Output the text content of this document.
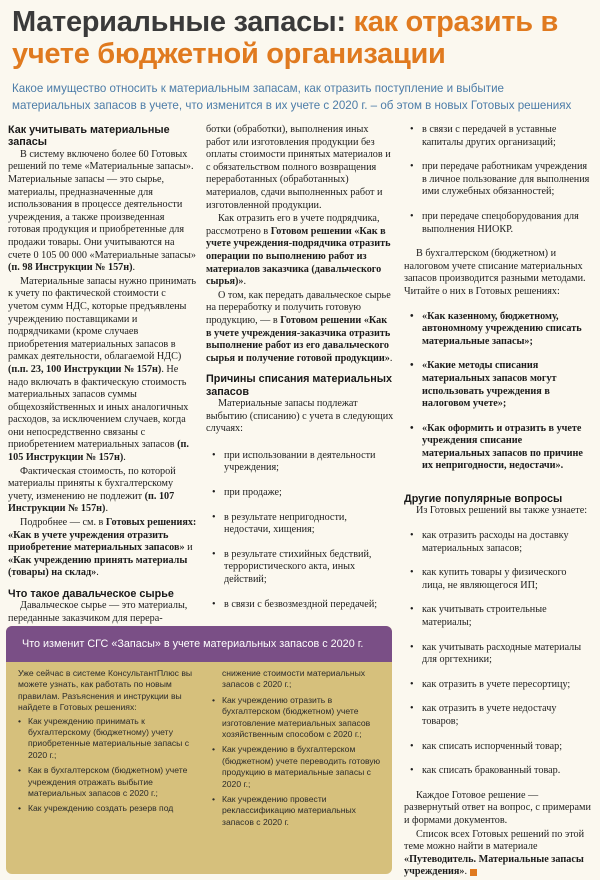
Материальные запасы: как отразить в учете бюджетной организации
Какое имущество относить к материальным запасам, как отразить поступление и выбытие материальных запасов в учете, что изменится в их учете с 2020 г. – об этом в новых Готовых решениях
Как учитывать материальные запасы

В систему включено более 60 Готовых решений по теме «Материальные запасы». Материальные запасы — это сырье, материалы, предназначенные для использования в процессе деятельности учреждения, а также произведенная готовая продукция и приобретенные для продажи товары. Они учитываются на счете 0 105 00 000 «Материальные запасы» (п. 98 Инструкции № 157н).

Материальные запасы нужно принимать к учету по фактической стоимости с учетом сумм НДС, которые предъявлены учреждению поставщиками и подрядчиками (кроме случаев приобретения материальных запасов в рамках деятельности, облагаемой НДС) (п.п. 23, 100 Инструкции № 157н). Не надо включать в фактическую стоимость материальных запасов суммы общехозяйственных и иных аналогичных расходов, за исключением случаев, когда они непосредственно связаны с приобретением материальных запасов (п. 105 Инструкции № 157н).

Фактическая стоимость, по которой материалы приняты к бухгалтерскому учету, изменению не подлежит (п. 107 Инструкции № 157н).

Подробнее — см. в Готовых решениях: «Как в учете учреждения отразить приобретение материальных запасов» и «Как учреждению принять материалы (товары) на склад».

Что такое давальческое сырье

Давальческое сырье — это материалы, переданные заказчиком для перера-

ботки (обработки), выполнения иных работ или изготовления продукции без оплаты стоимости принятых материалов и с обязательством полного возвращения переработанных (обработанных) материалов, сдачи выполненных работ и изготовленной продукции.

Как отразить его в учете подрядчика, рассмотрено в Готовом решении «Как в учете учреждения-подрядчика отразить операции по выполнению работ из материалов заказчика (давальческого сырья)».

О том, как передать давальческое сырье на переработку и получить готовую продукцию, — в Готовом решении «Как в учете учреждения-заказчика отразить выполнение работ из его давальческого сырья и получение готовой продукции».

Причины списания материальных запасов

Материальные запасы подлежат выбытию (списанию) с учета в следующих случаях:

• при использовании в деятельности учреждения;
• при продаже;
• в результате непригодности, недостачи, хищения;
• в результате стихийных бедствий, террористического акта, иных действий;
• в связи с безвозмездной передачей;
• в связи с передачей в уставные капиталы других организаций;
• при передаче работникам учреждения в личное пользование для выполнения ими служебных обязанностей;
• при передаче спецоборудования для выполнения НИОКР.

В бухгалтерском (бюджетном) и налоговом учете списание материальных запасов производится разными методами. Читайте о них в Готовых решениях:

• «Как казенному, бюджетному, автономному учреждению списать материальные запасы»;
• «Какие методы списания материальных запасов могут использовать учреждения в налоговом учете»;
• «Как оформить и отразить в учете учреждения списание материальных запасов по причине их непригодности, недостачи».
Другие популярные вопросы

Из Готовых решений вы также узнаете:

• как отразить расходы на доставку материальных запасов;
• как купить товары у физического лица, не являющегося ИП;
• как учитывать строительные материалы;
• как учитывать расходные материалы для оргтехники;
• как отразить в учете пересортицу;
• как отразить в учете недостачу товаров;
• как списать испорченный товар;
• как списать бракованный товар.

Каждое Готовое решение — развернутый ответ на вопрос, с примерами и формами документов.

Список всех Готовых решений по этой теме можно найти в материале «Путеводитель. Материальные запасы учреждения».

Что изменит СГС «Запасы» в учете материальных запасов с 2020 г.
Уже сейчас в системе КонсультантПлюс вы можете узнать, как работать по новым правилам. Разъяснения и инструкции вы найдете в Готовых решениях:
• Как учреждению принимать к бухгалтерскому (бюджетному) учету приобретенные материальные запасы с 2020 г.;
• Как в бухгалтерском (бюджетном) учете учреждения отражать выбытие материальных запасов с 2020 г.;
• Как учреждению создать резерв под
снижение стоимости материальных запасов с 2020 г.;
• Как учреждению отразить в бухгалтерском (бюджетном) учете изготовление материальных запасов хозяйственным способом с 2020 г.;
• Как учреждению в бухгалтерском (бюджетном) учете переводить готовую продукцию в материальные запасы с 2020 г.;
• Как учреждению провести реклассификацию материальных запасов с 2020 г.
